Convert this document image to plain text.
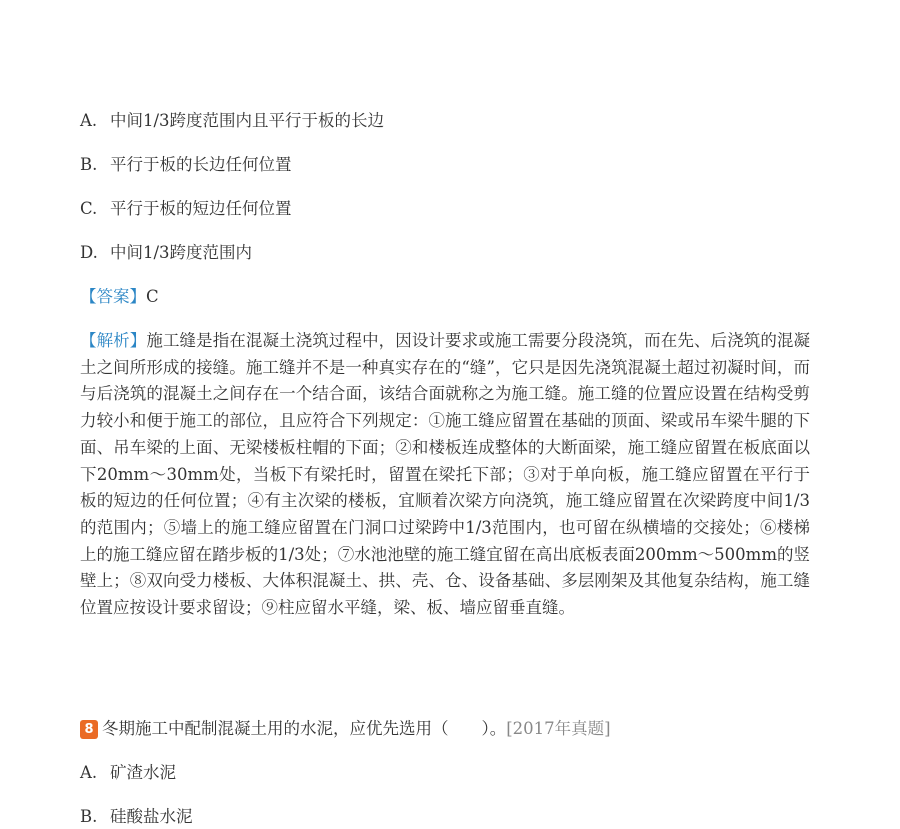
A. 中间1/3跨度范围内且平行于板的长边
B. 平行于板的长边任何位置
C. 平行于板的短边任何位置
D. 中间1/3跨度范围内
【答案】C
【解析】施工缝是指在混凝土浇筑过程中，因设计要求或施工需要分段浇筑，而在先、后浇筑的混凝土之间所形成的接缝。施工缝并不是一种真实存在的“缝”，它只是因先浇筑混凝土超过初凝时间，而与后浇筑的混凝土之间存在一个结合面，该结合面就称之为施工缝。施工缝的位置应设置在结构受剪力较小和便于施工的部位，且应符合下列规定：①施工缝应留置在基础的顶面、梁或吊车梁牛腿的下面、吊车梁的上面、无梁楼板柱帽的下面；②和楼板连成整体的大断面梁，施工缝应留置在板底面以下20mm～30mm处，当板下有梁托时，留置在梁托下部；③对于单向板，施工缝应留置在平行于板的短边的任何位置；④有主次梁的楼板，宜顺着次梁方向浇筑，施工缝应留置在次梁跨度中间1/3的范围内；⑤墙上的施工缝应留置在门洞口过梁跨中1/3范围内，也可留在纵横墙的交接处；⑥楼梯上的施工缝应留在踏步板的1/3处；⑦水池池壁的施工缝宜留在高出底板表面200mm～500mm的竖壁上；⑧双向受力楼板、大体积混凝土、拱、壳、仓、设备基础、多层刚架及其他复杂结构，施工缝位置应按设计要求留设；⑨柱应留水平缝，梁、板、墙应留垂直缝。
8 冬期施工中配制混凝土用的水泥，应优先选用（　　）。[2017年真题]
A. 矿渣水泥
B. 硅酸盐水泥
